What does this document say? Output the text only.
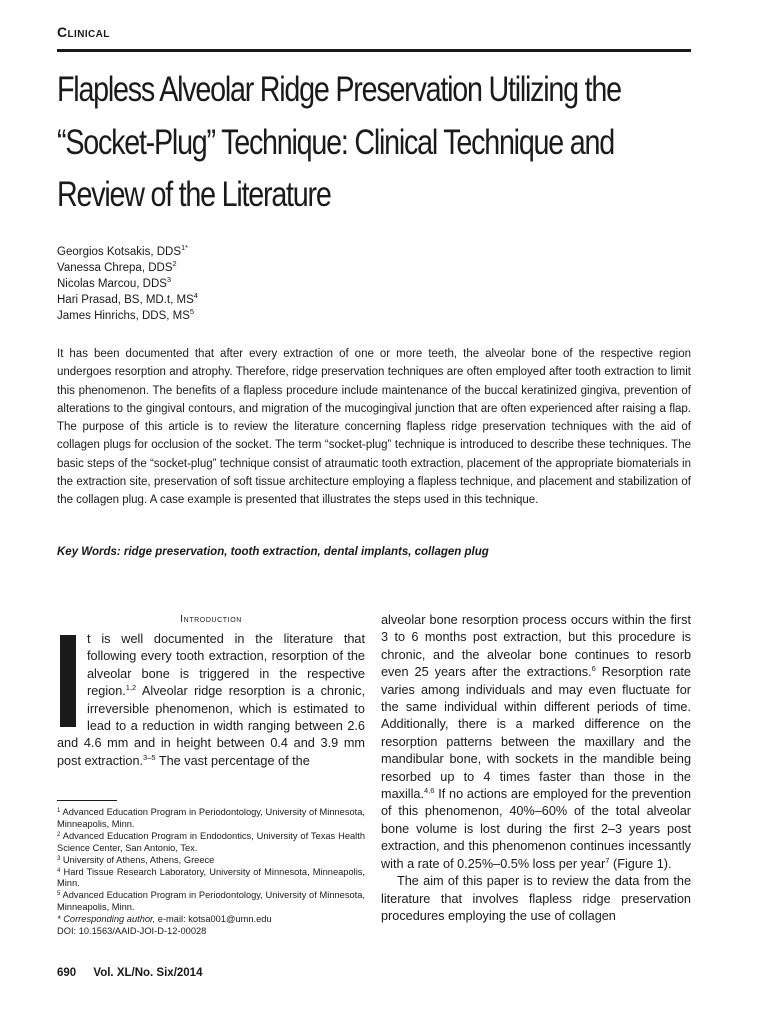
Clinical
Flapless Alveolar Ridge Preservation Utilizing the “Socket-Plug” Technique: Clinical Technique and Review of the Literature
Georgios Kotsakis, $DDS^{1*}$
Vanessa Chrepa, DDS$^2$
Nicolas Marcou, DDS$^3$
Hari Prasad, BS, MD.t, $MS^4$
James Hinrichs, DDS, $MS^5$

It has been documented that after every extraction of one or more teeth, the alveolar bone of the respective region undergoes resorption and atrophy. Therefore, ridge preservation techniques are often employed after tooth extraction to limit this phenomenon. The benefits of a flapless procedure include maintenance of the buccal keratinized gingiva, prevention of alterations to the gingival contours, and migration of the mucogingival junction that are often experienced after raising a flap. The purpose of this article is to review the literature concerning flapless ridge preservation techniques with the aid of collagen plugs for occlusion of the socket. The term “socket-plug” technique is introduced to describe these techniques. The basic steps of the “socket-plug” technique consist of atraumatic tooth extraction, placement of the appropriate biomaterials in the extraction site, preservation of soft tissue architecture employing a flapless technique, and placement and stabilization of the collagen plug. A case example is presented that illustrates the steps used in this technique.

Key Words: ridge preservation, tooth extraction, dental implants, collagen plug
Introduction

I
t is well documented in the literature that following every tooth extraction, resorption of the alveolar bone is triggered in the respective region.$^{1,2}$ Alveolar ridge resorption is a chronic, irreversible phenomenon, which is estimated to lead to a reduction in width ranging between 2.6 and 4.6 mm and in height between 0.4 and 3.9 mm post extraction.$^{3-5}$ The vast percentage of the

alveolar bone resorption process occurs within the first 3 to 6 months post extraction, but this procedure is chronic, and the alveolar bone continues to resorb even 25 years after the extractions.$^6$ Resorption rate varies among individuals and may even fluctuate for the same individual within different periods of time. Additionally, there is a marked difference on the resorption patterns between the maxillary and the mandibular bone, with sockets in the mandible being resorbed up to 4 times faster than those in the maxilla.$^{4,6}$ If no actions are employed for the prevention of this phenomenon, 40%–60% of the total alveolar bone volume is lost during the first 2–3 years post extraction, and this phenomenon continues incessantly with a rate of 0.25%–0.5% loss per year$^7$ (Figure 1).

The aim of this paper is to review the data from the literature that involves flapless ridge preservation procedures employing the use of collagen

$^1$ Advanced Education Program in Periodontology, University of Minnesota, Minneapolis, Minn.
$^2$ Advanced Education Program in Endodontics, University of Texas Health Science Center, San Antonio, Tex.
$^3$ University of Athens, Athens, Greece
$^4$ Hard Tissue Research Laboratory, University of Minnesota, Minneapolis, Minn.
$^5$ Advanced Education Program in Periodontology, University of Minnesota, Minneapolis, Minn.
* Corresponding author, e-mail: kotsa001@umn.edu
DOI: 10.1563/AAID-JOI-D-12-00028
690 Vol. XL/No. Six/2014
